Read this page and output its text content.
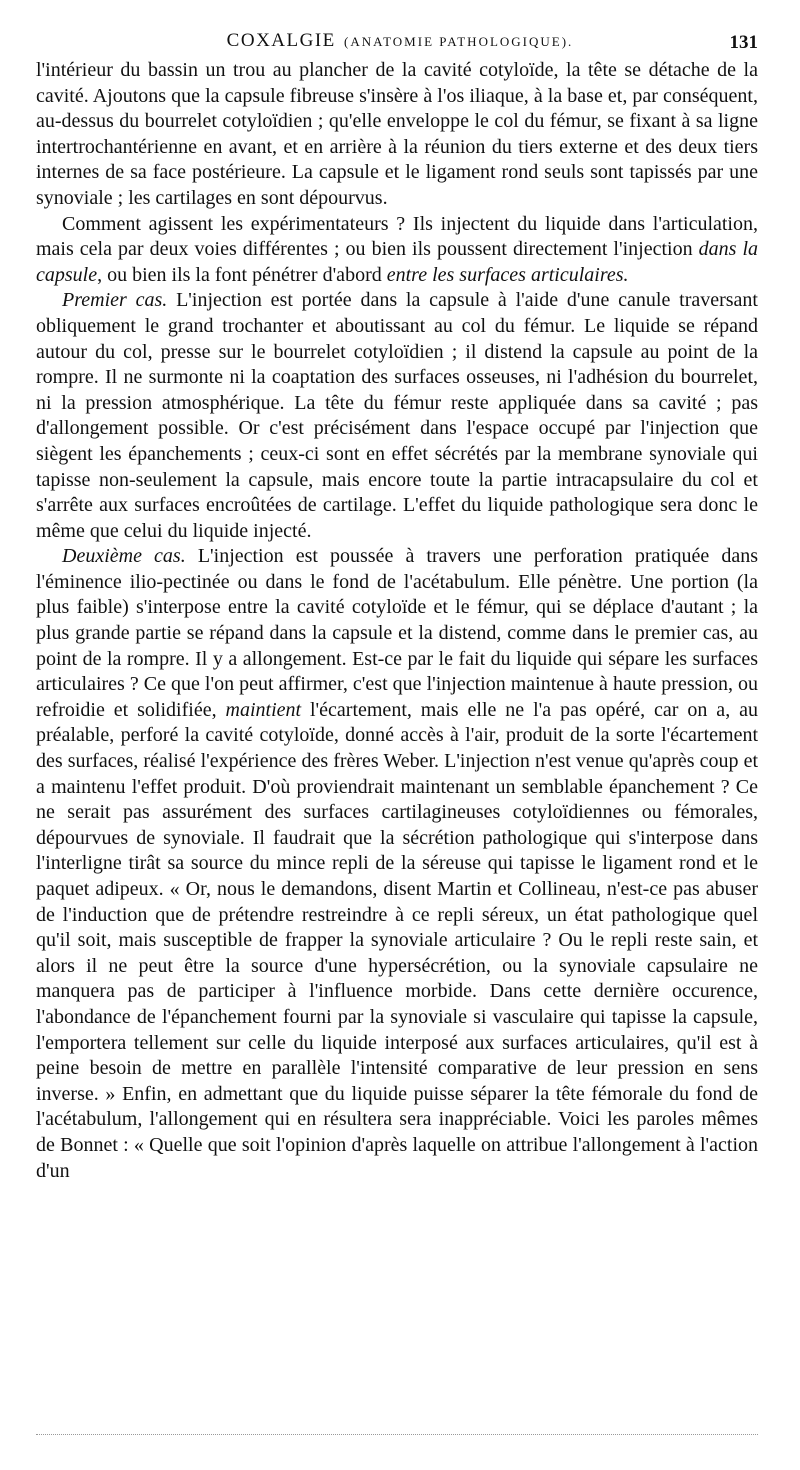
COXALGIE (ANATOMIE PATHOLOGIQUE).	131

l'intérieur du bassin un trou au plancher de la cavité cotyloïde, la tête se détache de la cavité. Ajoutons que la capsule fibreuse s'insère à l'os iliaque, à la base et, par conséquent, au-dessus du bourrelet cotyloïdien ; qu'elle enveloppe le col du fémur, se fixant à sa ligne intertrochantérienne en avant, et en arrière à la réunion du tiers externe et des deux tiers internes de sa face postérieure. La capsule et le ligament rond seuls sont tapissés par une synoviale ; les cartilages en sont dépourvus.

Comment agissent les expérimentateurs ? Ils injectent du liquide dans l'articulation, mais cela par deux voies différentes ; ou bien ils poussent directement l'injection dans la capsule, ou bien ils la font pénétrer d'abord entre les surfaces articulaires.

Premier cas. L'injection est portée dans la capsule à l'aide d'une canule traversant obliquement le grand trochanter et aboutissant au col du fémur. Le liquide se répand autour du col, presse sur le bourrelet cotyloïdien ; il distend la capsule au point de la rompre. Il ne surmonte ni la coaptation des surfaces osseuses, ni l'adhésion du bourrelet, ni la pression atmosphérique. La tête du fémur reste appliquée dans sa cavité ; pas d'allongement possible. Or c'est précisément dans l'espace occupé par l'injection que siègent les épanchements ; ceux-ci sont en effet sécrétés par la membrane synoviale qui tapisse non-seulement la capsule, mais encore toute la partie intracapsulaire du col et s'arrête aux surfaces encroûtées de cartilage. L'effet du liquide pathologique sera donc le même que celui du liquide injecté.

Deuxième cas. L'injection est poussée à travers une perforation pratiquée dans l'éminence ilio-pectinée ou dans le fond de l'acétabulum. Elle pénètre. Une portion (la plus faible) s'interpose entre la cavité cotyloïde et le fémur, qui se déplace d'autant ; la plus grande partie se répand dans la capsule et la distend, comme dans le premier cas, au point de la rompre. Il y a allongement. Est-ce par le fait du liquide qui sépare les surfaces articulaires ? Ce que l'on peut affirmer, c'est que l'injection maintenue à haute pression, ou refroidie et solidifiée, maintient l'écartement, mais elle ne l'a pas opéré, car on a, au préalable, perforé la cavité cotyloïde, donné accès à l'air, produit de la sorte l'écartement des surfaces, réalisé l'expérience des frères Weber. L'injection n'est venue qu'après coup et a maintenu l'effet produit. D'où proviendrait maintenant un semblable épanchement ? Ce ne serait pas assurément des surfaces cartilagineuses cotyloïdiennes ou fémorales, dépourvues de synoviale. Il faudrait que la sécrétion pathologique qui s'interpose dans l'interligne tirât sa source du mince repli de la séreuse qui tapisse le ligament rond et le paquet adipeux. « Or, nous le demandons, disent Martin et Collineau, n'est-ce pas abuser de l'induction que de prétendre restreindre à ce repli séreux, un état pathologique quel qu'il soit, mais susceptible de frapper la synoviale articulaire ? Ou le repli reste sain, et alors il ne peut être la source d'une hypersécrétion, ou la synoviale capsulaire ne manquera pas de participer à l'influence morbide. Dans cette dernière occurence, l'abondance de l'épanchement fourni par la synoviale si vasculaire qui tapisse la capsule, l'emportera tellement sur celle du liquide interposé aux surfaces articulaires, qu'il est à peine besoin de mettre en parallèle l'intensité comparative de leur pression en sens inverse. » Enfin, en admettant que du liquide puisse séparer la tête fémorale du fond de l'acétabulum, l'allongement qui en résultera sera inappréciable. Voici les paroles mêmes de Bonnet : « Quelle que soit l'opinion d'après laquelle on attribue l'allongement à l'action d'un
